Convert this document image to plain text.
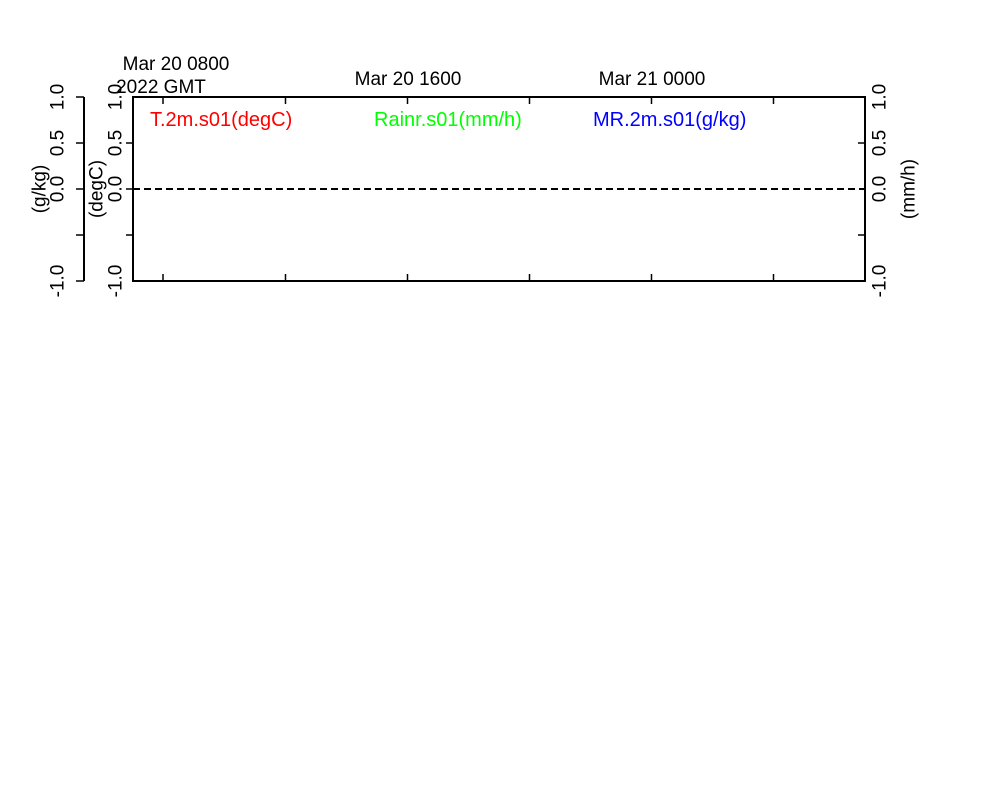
Mar 20 0800
2022 GMT	Mar 20 1600	Mar 21 0000
T.2m.s01(degC)	Rainr.s01(mm/h)	MR.2m.s01(g/kg)
(g/kg)
1.0
0.5
0.0
-1.0
(degC)
1.0
0.5
0.0
-1.0
(mm/h)
1.0
0.5
0.0
-1.0
